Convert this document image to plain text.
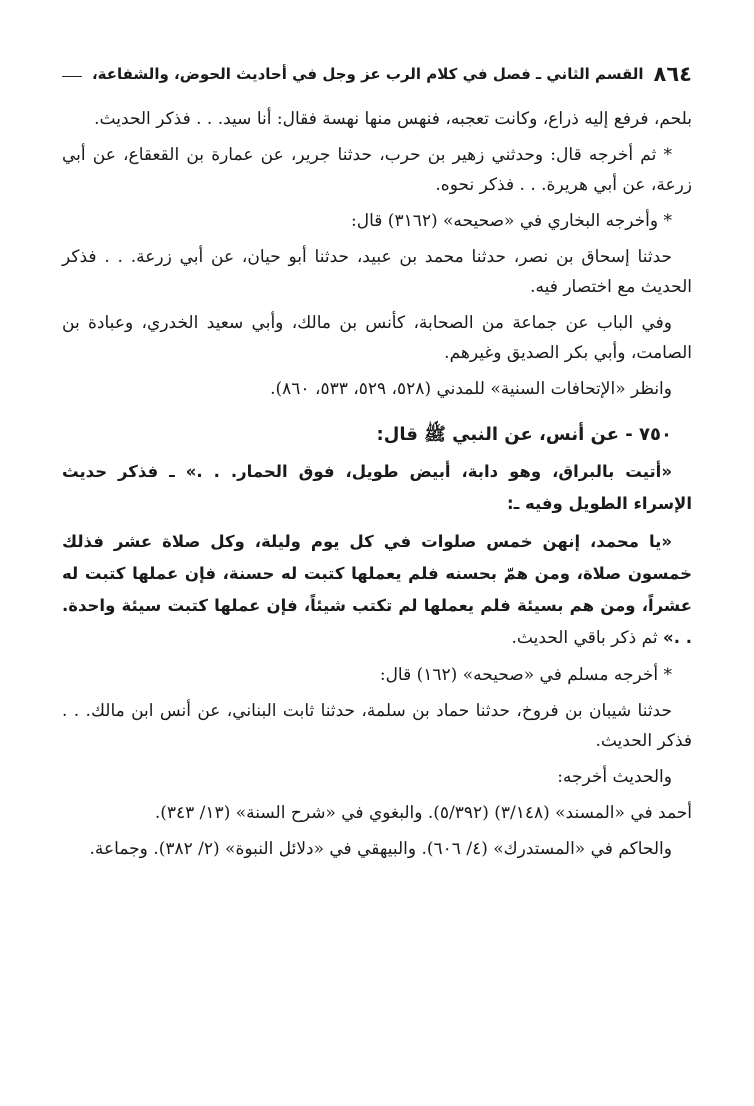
٨٦٤
القسم الثاني ـ فصل في كلام الرب عز وجل في أحاديث الحوض، والشفاعة،

بلحم، فرفع إليه ذراع، وكانت تعجبه، فنهس منها نهسة فقال: أنا سيد. . . فذكر الحديث.

* ثم أخرجه قال: وحدثني زهير بن حرب، حدثنا جرير، عن عمارة بن القعقاع، عن أبي زرعة، عن أبي هريرة. . . فذكر نحوه.

* وأخرجه البخاري في «صحيحه» (٣١٦٢) قال:

حدثنا إسحاق بن نصر، حدثنا محمد بن عبيد، حدثنا أبو حيان، عن أبي زرعة. . . فذكر الحديث مع اختصار فيه.

وفي الباب عن جماعة من الصحابة، كأنس بن مالك، وأبي سعيد الخدري، وعبادة بن الصامت، وأبي بكر الصديق وغيرهم.

وانظر «الإتحافات السنية» للمدني (٥٢٨، ٥٢٩، ٥٣٣، ٨٦٠).

٧٥٠ - عن أنس، عن النبي ﷺ قال:

«أتيت بالبراق، وهو دابة، أبيض طويل، فوق الحمار. . .» ـ فذكر حديث الإسراء الطويل وفيه ـ:

«يا محمد، إنهن خمس صلوات في كل يوم وليلة، وكل صلاة عشر فذلك خمسون صلاة، ومن همّ بحسنه فلم يعملها كتبت له حسنة، فإن عملها كتبت له عشراً، ومن هم بسيئة فلم يعملها لم تكتب شيئاً، فإن عملها كتبت سيئة واحدة. . .» ثم ذكر باقي الحديث.

* أخرجه مسلم في «صحيحه» (١٦٢) قال:

حدثنا شيبان بن فروخ، حدثنا حماد بن سلمة، حدثنا ثابت البناني، عن أنس ابن مالك. . . فذكر الحديث.

والحديث أخرجه:

أحمد في «المسند» (٣/١٤٨) (٥/٣٩٢). والبغوي في «شرح السنة» (١٣/ ٣٤٣).

والحاكم في «المستدرك» (٤/ ٦٠٦). والبيهقي في «دلائل النبوة» (٢/ ٣٨٢). وجماعة.
